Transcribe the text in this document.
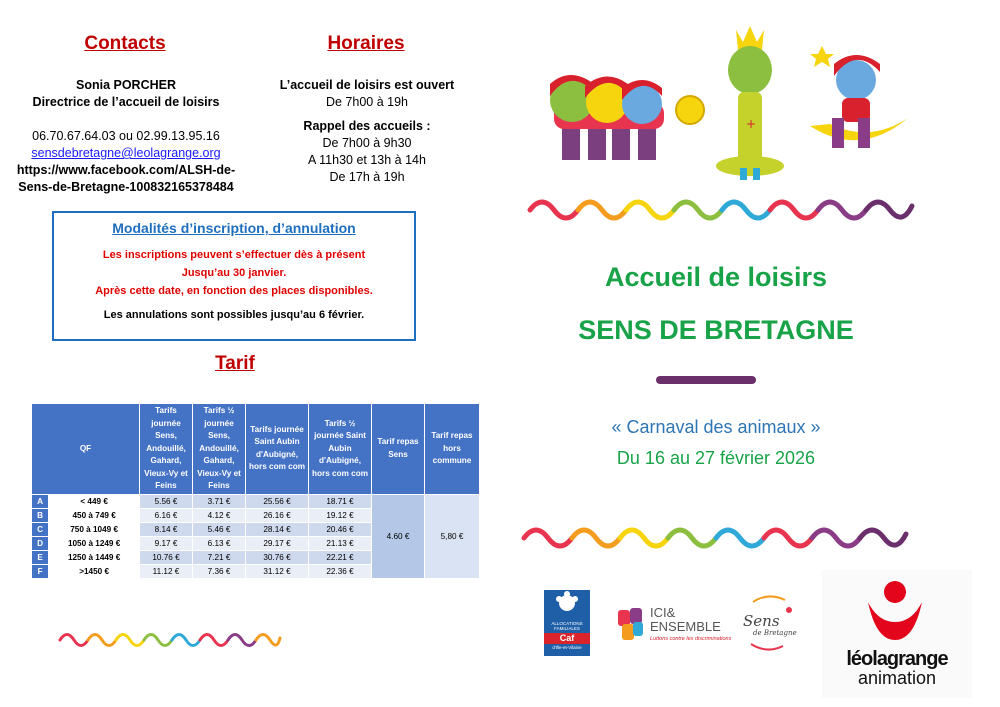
Contacts
Sonia PORCHER
Directrice de l’accueil de loisirs
06.70.67.64.03 ou 02.99.13.95.16
sensdebretagne@leolagrange.org
https://www.facebook.com/ALSH-de-
Sens-de-Bretagne-100832165378484
Horaires
L’accueil de loisirs est ouvert
De 7h00 à 19h
Rappel des accueils :
De 7h00 à 9h30
A 11h30 et 13h à 14h
De 17h à 19h
Modalités d’inscription, d’annulation
Les inscriptions peuvent s’effectuer dès à présent
Jusqu’au 30 janvier.
Après cette date, en fonction des places disponibles.
Les annulations sont possibles jusqu’au 6 février.
Tarif
QF		Tarifs journée Sens, Andouillé, Gahard, Vieux-Vy et Feins	Tarifs ½ journée Sens, Andouillé, Gahard, Vieux-Vy et Feins	Tarifs journée Saint Aubin d'Aubigné, hors com com	Tarifs ½ journée Saint Aubin d'Aubigné, hors com com	Tarif repas Sens	Tarif repas hors commune
A	< 449 €	5.56 €	3.71 €	25.56 €	18.71 €	4.60 €	5,80 €
B	450 à 749 €	6.16 €	4.12 €	26.16 €	19.12 €		
C	750 à 1049 €	8.14 €	5.46 €	28.14 €	20.46 €		
D	1050 à 1249 €	9.17 €	6.13 €	29.17 €	21.13 €		
E	1250 à 1449 €	10.76 €	7.21 €	30.76 €	22.21 €		
F	>1450 €	11.12 €	7.36 €	31.12 €	22.36 €		
+
Accueil de loisirs
SENS DE BRETAGNE
« Carnaval des animaux »
Du 16 au 27 février 2026
ALLOCATIONS
FAMILIALES
Caf
d'Ille-et-Vilaine
ICI&
ENSEMBLE
Luttons contre les discriminations
Sens
de Bretagne
léolagrange
animation
